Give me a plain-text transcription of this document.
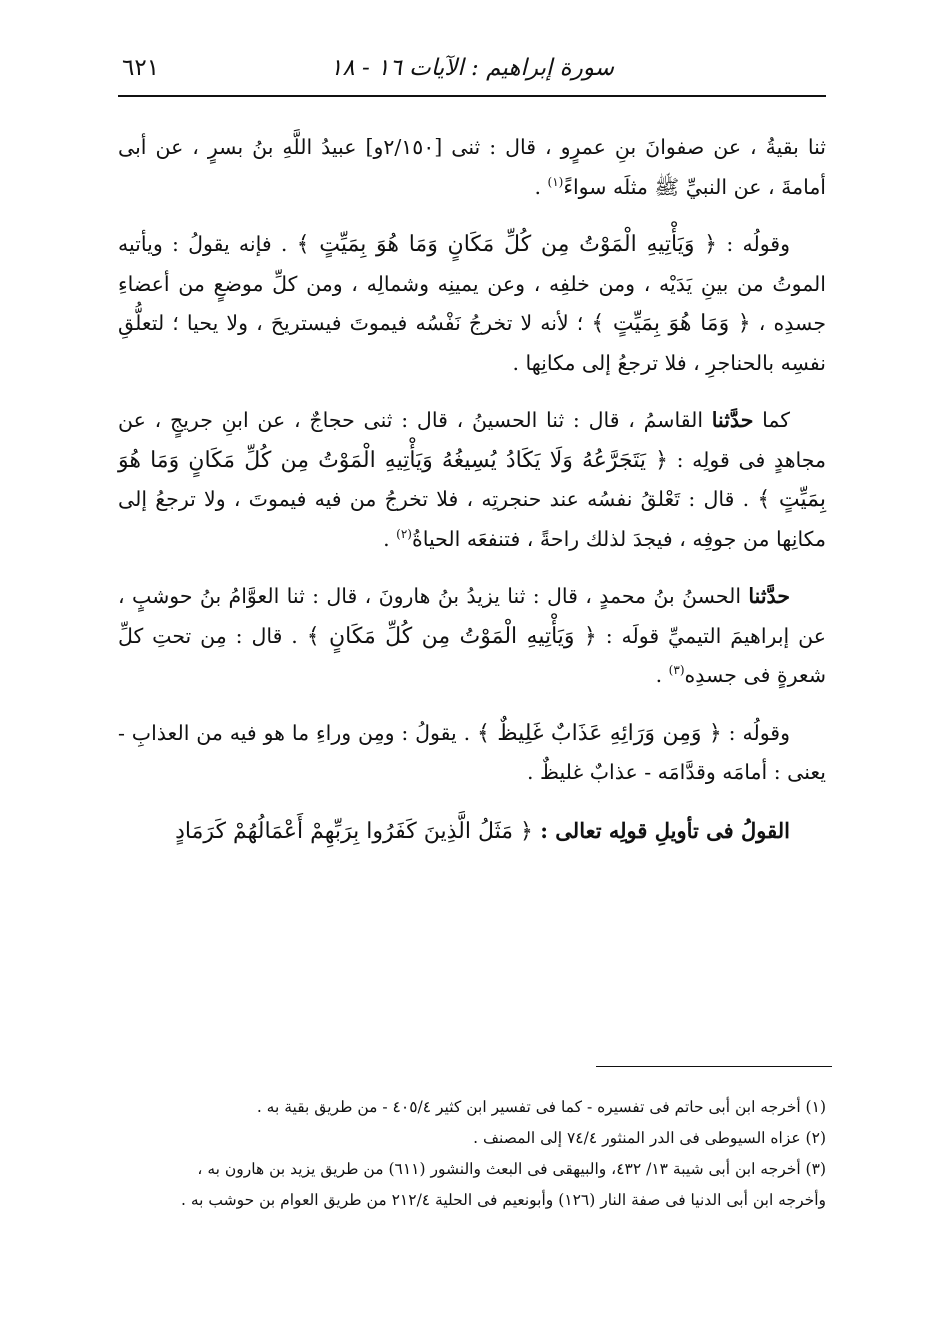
سورة إبراهيم : الآيات ١٦ - ١٨
٦٢١

ثنا بقيةُ ، عن صفوانَ بنِ عمرٍو ، قال : ثنى [٢/١٥٠و] عبيدُ اللَّهِ بنُ بسرٍ ، عن أبى أمامةَ ، عن النبيِّ ﷺ مثلَه سواءً$^{(١)}$ .

وقولُه : ﴿ وَيَأْتِيهِ الْمَوْتُ مِن كُلِّ مَكَانٍ وَمَا هُوَ بِمَيِّتٍ ﴾ . فإنه يقولُ : ويأتيه الموتُ من بينِ يَدَيْه ، ومن خلفِه ، وعن يمينِه وشمالِه ، ومن كلِّ موضعٍ من أعضاءِ جسدِه ، ﴿ وَمَا هُوَ بِمَيِّتٍ ﴾ ؛ لأنه لا تخرجُ نَفْسُه فيموتَ فيستريحَ ، ولا يحيا ؛ لتعلُّقِ نفسِه بالحناجرِ ، فلا ترجعُ إلى مكانِها .

كما حدَّثنا القاسمُ ، قال : ثنا الحسينُ ، قال : ثنى حجاجٌ ، عن ابنِ جريجٍ ، عن مجاهدٍ فى قولِه : ﴿ يَتَجَرَّعُهُ وَلَا يَكَادُ يُسِيغُهُ وَيَأْتِيهِ الْمَوْتُ مِن كُلِّ مَكَانٍ وَمَا هُوَ بِمَيِّتٍ ﴾ . قال : تَعْلقُ نفسُه عند حنجرتِه ، فلا تخرجُ من فيه فيموتَ ، ولا ترجعُ إلى مكانِها من جوفِه ، فيجدَ لذلك راحةً ، فتنفعَه الحياةُ$^{(٢)}$ .

حدَّثنا الحسنُ بنُ محمدٍ ، قال : ثنا يزيدُ بنُ هارونَ ، قال : ثنا العوَّامُ بنُ حوشبٍ ، عن إبراهيمَ التيميِّ قولَه : ﴿ وَيَأْتِيهِ الْمَوْتُ مِن كُلِّ مَكَانٍ ﴾ . قال : مِن تحتِ كلِّ شعرةٍ فى جسدِه$^{(٣)}$ .

وقولُه : ﴿ وَمِن وَرَائِهِ عَذَابٌ غَلِيظٌ ﴾ . يقولُ : ومِن وراءِ ما هو فيه من العذابِ - يعنى : أمامَه وقدَّامَه - عذابٌ غليظٌ .

القولُ فى تأويلِ قولِه تعالى : ﴿ مَثَلُ الَّذِينَ كَفَرُوا بِرَبِّهِمْ أَعْمَالُهُمْ كَرَمَادٍ

(١) أخرجه ابن أبى حاتم فى تفسيره - كما فى تفسير ابن كثير ٤٠٥/٤ - من طريق بقية به .

(٢) عزاه السيوطى فى الدر المنثور ٧٤/٤ إلى المصنف .

(٣) أخرجه ابن أبى شيبة ١٣/ ٤٣٢، والبيهقى فى البعث والنشور (٦١١) من طريق يزيد بن هارون به ،

وأخرجه ابن أبى الدنيا فى صفة النار (١٢٦) وأبونعيم فى الحلية ٢١٢/٤ من طريق العوام بن حوشب به .
